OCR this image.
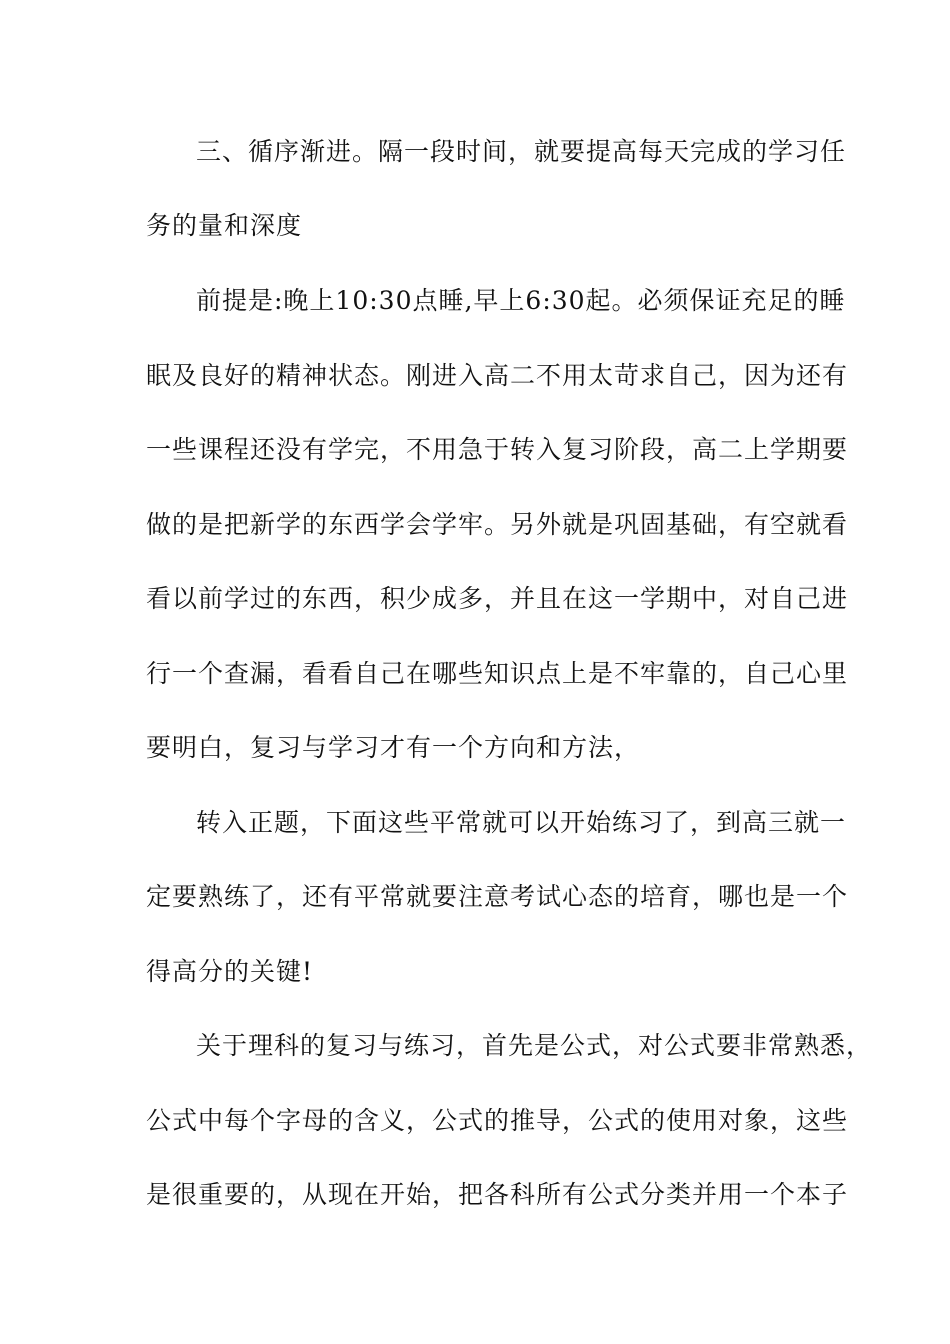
三、循序渐进。隔一段时间，就要提高每天完成的学习任
务的量和深度
前提是:晚上10:30点睡,早上6:30起。必须保证充足的睡
眠及良好的精神状态。刚进入高二不用太苛求自己，因为还有
一些课程还没有学完，不用急于转入复习阶段，高二上学期要
做的是把新学的东西学会学牢。另外就是巩固基础，有空就看
看以前学过的东西，积少成多，并且在这一学期中，对自己进
行一个查漏，看看自己在哪些知识点上是不牢靠的，自己心里
要明白，复习与学习才有一个方向和方法，
转入正题，下面这些平常就可以开始练习了，到高三就一
定要熟练了，还有平常就要注意考试心态的培育，哪也是一个
得高分的关键!
关于理科的复习与练习，首先是公式，对公式要非常熟悉，
公式中每个字母的含义，公式的推导，公式的使用对象，这些
是很重要的，从现在开始，把各科所有公式分类并用一个本子
